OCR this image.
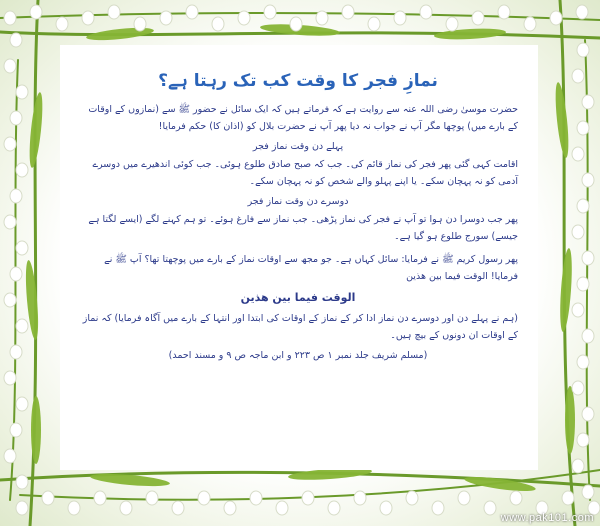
نمازِ فجر کا وقت کب تک رہتا ہے؟
حضرت موسیٰ رضی اللہ عنہ سے روایت ہے کہ فرماتے ہیں کہ ایک سائل نے حضور ﷺ سے (نمازوں کے اوقات کے بارے میں) پوچھا مگر آپ نے جواب نہ دیا پھر آپ نے حضرت بلال کو (اذان کا) حکم فرمایا!
پہلے دن وقت نماز فجر
اقامت کہی گئی پھر فجر کی نماز قائم کی۔ جب کہ صبح صادق طلوع ہوئی۔ جب کوئی اندھیرے میں دوسرے آدمی کو نہ پہچان سکے۔ یا اپنے پہلو والے شخص کو نہ پہچان سکے۔
دوسرے دن وقت نماز فجر
پھر جب دوسرا دن ہوا تو آپ نے فجر کی نماز پڑھی۔ جب نماز سے فارغ ہوئے۔ تو ہم کہنے لگے (ایسے لگتا ہے جیسے) سورج طلوع ہو گیا ہے۔
پھر رسول کریم ﷺ نے فرمایا: سائل کہاں ہے۔ جو مجھ سے اوقات نماز کے بارے میں پوچھتا تھا؟ آپ ﷺ نے فرمایا! الوقت فیما بین ھذین
الوقت فيما بين هذين
(ہم نے پہلے دن اور دوسرے دن نماز ادا کر کے نماز کے اوقات کی ابتدا اور انتہا کے بارے میں آگاہ فرمایا) کہ نماز کے اوقات ان دونوں کے بیچ ہیں۔
(مسلم شریف جلد نمبر ۱ ص ۲۲۳ و ابن ماجہ ص ۹ و مسند احمد)
www.pak101.com
